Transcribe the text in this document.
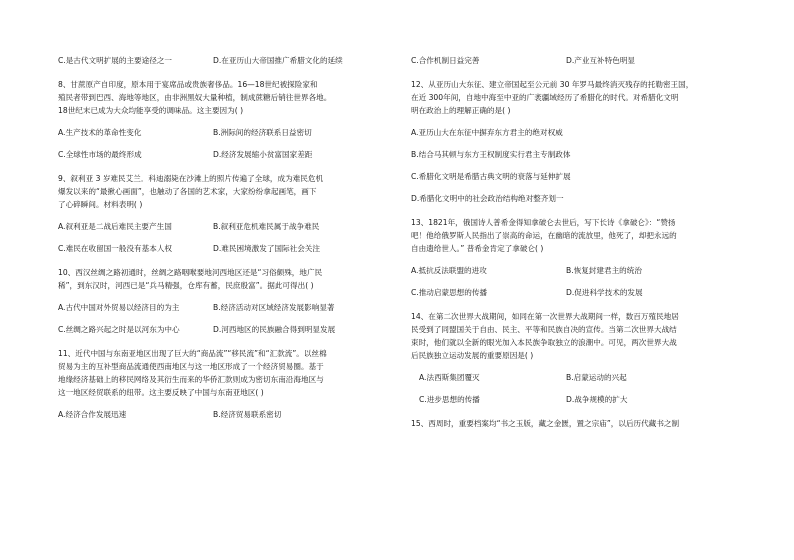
C.是古代文明扩展的主要途径之一	D.在亚历山大帝国推广希腊文化的延续

8、甘蔗原产自印度，原本用于宴席品或贵族奢侈品。16—18世纪被探险家和

殖民者带到巴西、海地等地区，由非洲黑奴大量种植，制成蔗糖后销往世界各地。

18世纪末已成为大众均能享受的调味品。这主要因为( )

A.生产技术的革命性变化	B.洲际间的经济联系日益密切
C.全球性市场的最终形成	D.经济发展缩小贫富国家差距

9、叙利亚 3 岁难民艾兰．科迪溺毙在沙滩上的照片传遍了全球，成为难民危机

爆发以来的“最揪心画面”，也触动了各国的艺术家，大家纷纷拿起画笔，画下

了心碎瞬间。材料表明( )

A.叙利亚是二战后难民主要产生国	B.叙利亚危机难民属于战争难民
C.难民在收留国一般没有基本人权	D.难民困境激发了国际社会关注

10、西汉丝绸之路初通时，丝绸之路咽喉要地河西地区还是“习俗颇殊，地广民

稀”，到东汉时，河西已是“兵马精强，仓库有蓄，民庶殷富”。据此可得出( )

A.古代中国对外贸易以经济目的为主	B.经济活动对区域经济发展影响显著
C.丝绸之路兴起之时是以河东为中心	D.河西地区的民族融合得到明显发展

11、近代中国与东南亚地区出现了巨大的“商品流”“移民流”和“汇款流”。以丝棉

贸易为主的互补型商品流通使西南地区与这一地区形成了一个经济贸易圈。基于

地缘经济基础上的移民网络及其衍生而来的华侨汇款则成为密切东南沿海地区与

这一地区经贸联系的纽带。这主要反映了中国与东南亚地区( )

A.经济合作发展迅速	B.经济贸易联系密切
C.合作机制日益完善	D.产业互补特色明显

12、从亚历山大东征、建立帝国起至公元前 30 年罗马最终消灭残存的托勒密王国，

在近 300年间，自地中海至中亚的广袤疆域经历了希腊化的时代。对希腊化文明

明在政治上的理解正确的是( )

A.亚历山大在东征中摒弃东方君主的绝对权威

B.结合马其顿与东方王权制度实行君主专制政体

C.希腊化文明是希腊古典文明的衰落与延伸扩展

D.希腊化文明中的社会政治结构绝对整齐划一

13、1821年，俄国诗人普希金得知拿破仑去世后，写下长诗《拿破仑》：“赞扬

吧！他给俄罗斯人民指出了崇高的命运，在幽暗的流放里，他死了，却把永远的

自由遗给世人。” 普希金肯定了拿破仑( )

A.抵抗反法联盟的进攻	B.恢复封建君主的统治
C.推动启蒙思想的传播	D.促进科学技术的发展

14、在第二次世界大战期间，如同在第一次世界大战期间一样，数百万殖民地居

民受到了同盟国关于自由、民主、平等和民族自决的宣传。当第二次世界大战结

束时，他们就以全新的眼光加入本民族争取独立的浪潮中。可见，两次世界大战

后民族独立运动发展的重要原因是( )

A.法西斯集团覆灭	B.启蒙运动的兴起
C.进步思想的传播	D.战争规模的扩大

15、西周时，重要档案均“书之玉版，藏之金匮，置之宗庙”，以后历代藏书之制
